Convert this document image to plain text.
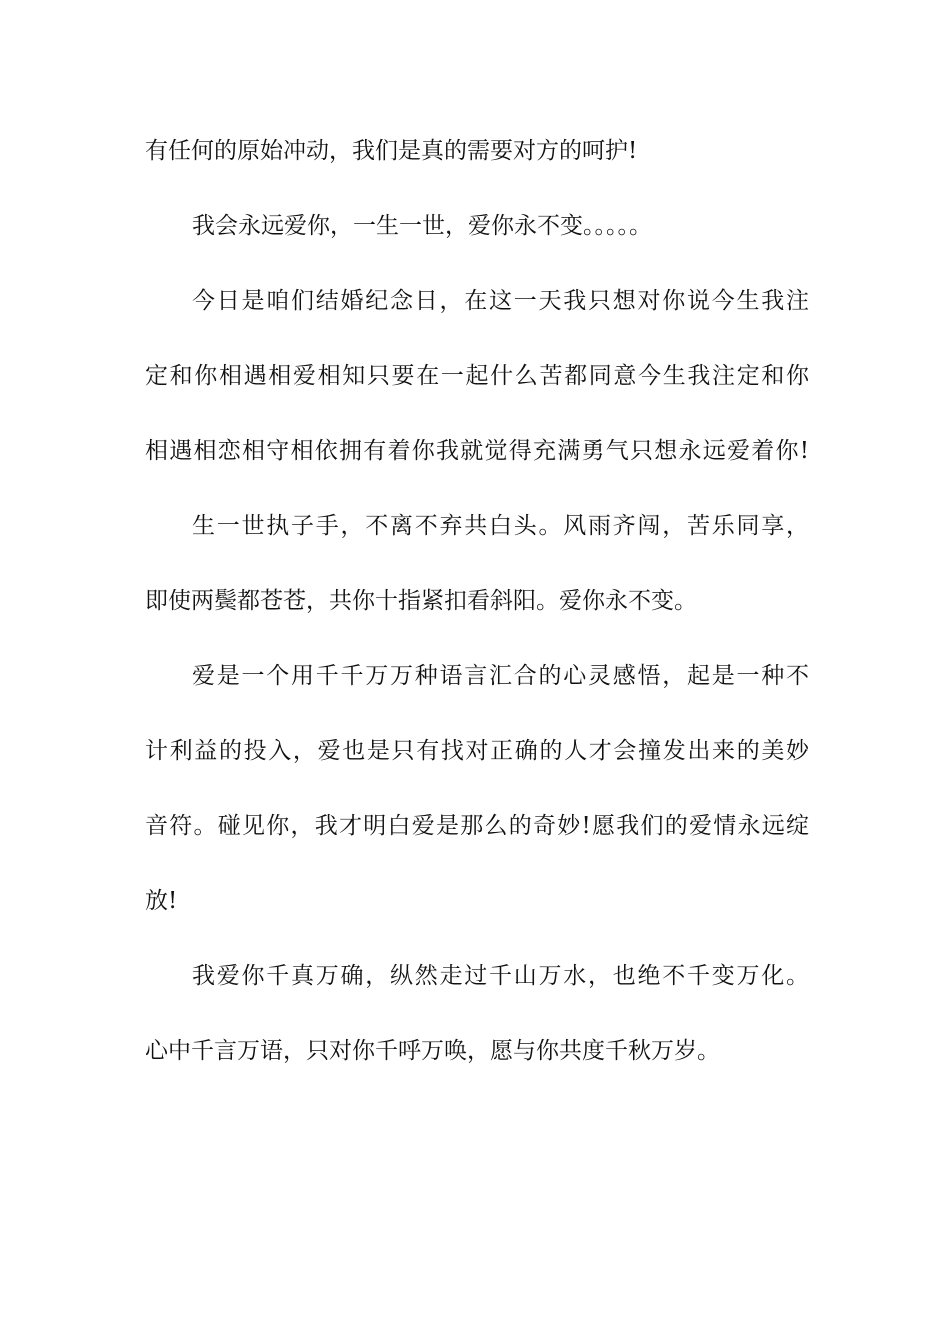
有任何的原始冲动，我们是真的需要对方的呵护!
我会永远爱你，一生一世，爱你永不变。。。。。
今日是咱们结婚纪念日，在这一天我只想对你说今生我注
定和你相遇相爱相知只要在一起什么苦都同意今生我注定和你
相遇相恋相守相依拥有着你我就觉得充满勇气只想永远爱着你!
生一世执子手，不离不弃共白头。风雨齐闯，苦乐同享，
即使两鬓都苍苍，共你十指紧扣看斜阳。爱你永不变。
爱是一个用千千万万种语言汇合的心灵感悟，起是一种不
计利益的投入，爱也是只有找对正确的人才会撞发出来的美妙
音符。碰见你，我才明白爱是那么的奇妙!愿我们的爱情永远绽
放!
我爱你千真万确，纵然走过千山万水，也绝不千变万化。
心中千言万语，只对你千呼万唤，愿与你共度千秋万岁。
